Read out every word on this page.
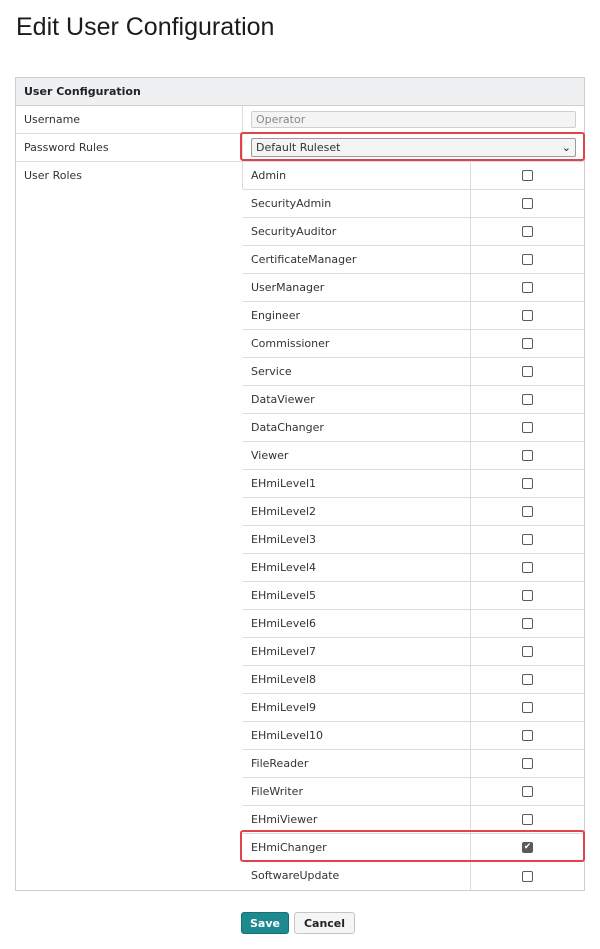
Edit User Configuration
User Configuration
Username	Operator
Password Rules	Default Ruleset	⌄
User Roles	Admin
SecurityAdmin
SecurityAuditor
CertificateManager
UserManager
Engineer
Commissioner
Service
DataViewer
DataChanger
Viewer
EHmiLevel1
EHmiLevel2
EHmiLevel3
EHmiLevel4
EHmiLevel5
EHmiLevel6
EHmiLevel7
EHmiLevel8
EHmiLevel9
EHmiLevel10
FileReader
FileWriter
EHmiViewer
EHmiChanger	✔
SoftwareUpdate
Save	Cancel
